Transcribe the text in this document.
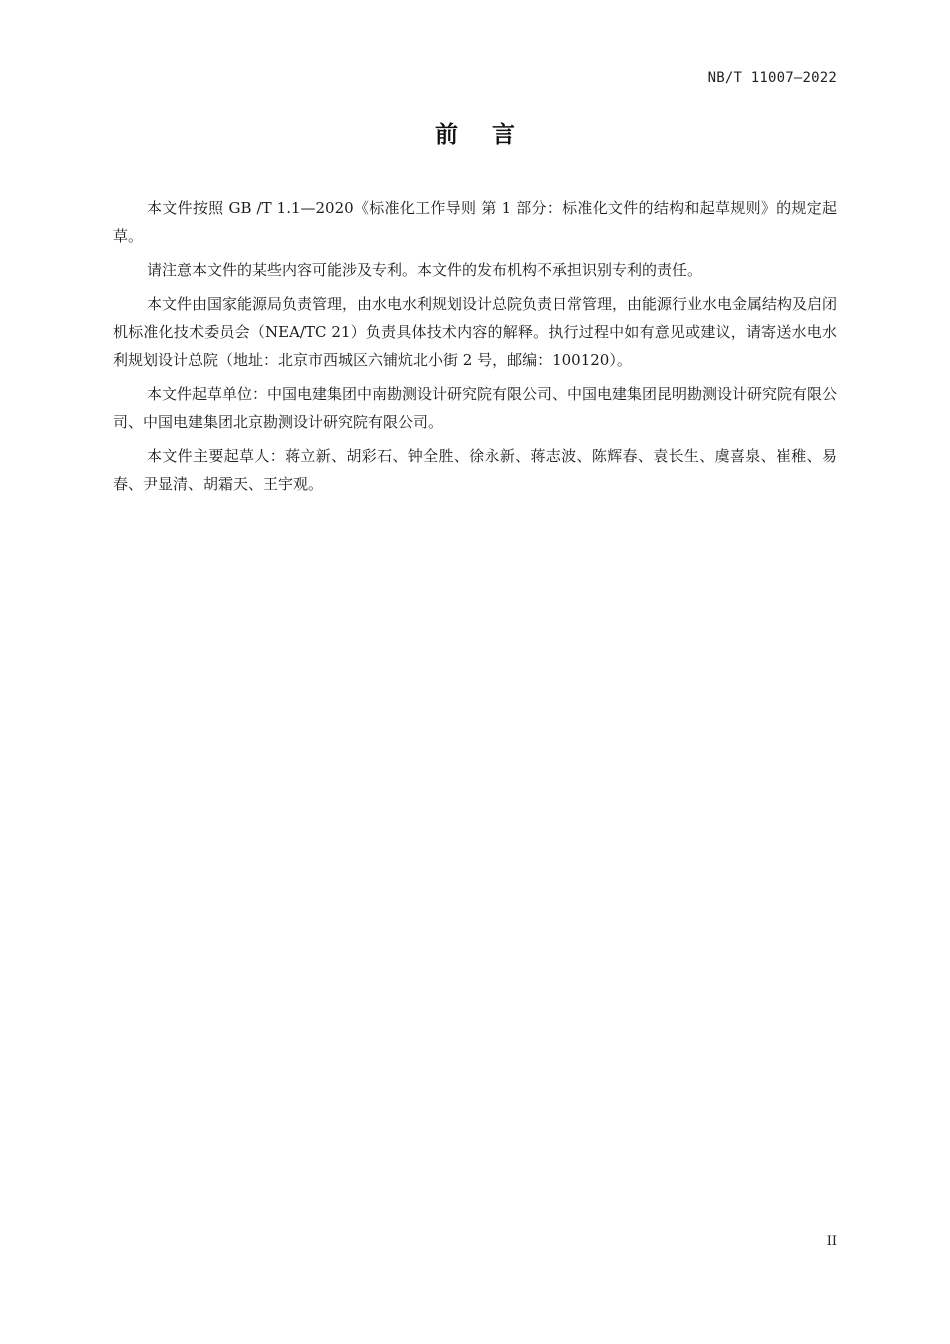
NB/T 11007—2022
前言

本文件按照 GB /T 1.1—2020《标准化工作导则 第 1 部分：标准化文件的结构和起草规则》的规定起草。

请注意本文件的某些内容可能涉及专利。本文件的发布机构不承担识别专利的责任。

本文件由国家能源局负责管理，由水电水利规划设计总院负责日常管理，由能源行业水电金属结构及启闭机标准化技术委员会（NEA/TC 21）负责具体技术内容的解释。执行过程中如有意见或建议，请寄送水电水利规划设计总院（地址：北京市西城区六铺炕北小街 2 号，邮编：100120）。

本文件起草单位：中国电建集团中南勘测设计研究院有限公司、中国电建集团昆明勘测设计研究院有限公司、中国电建集团北京勘测设计研究院有限公司。

本文件主要起草人：蒋立新、胡彩石、钟全胜、徐永新、蒋志波、陈辉春、袁长生、虞喜泉、崔稚、易春、尹显清、胡霜天、王宇观。

II
